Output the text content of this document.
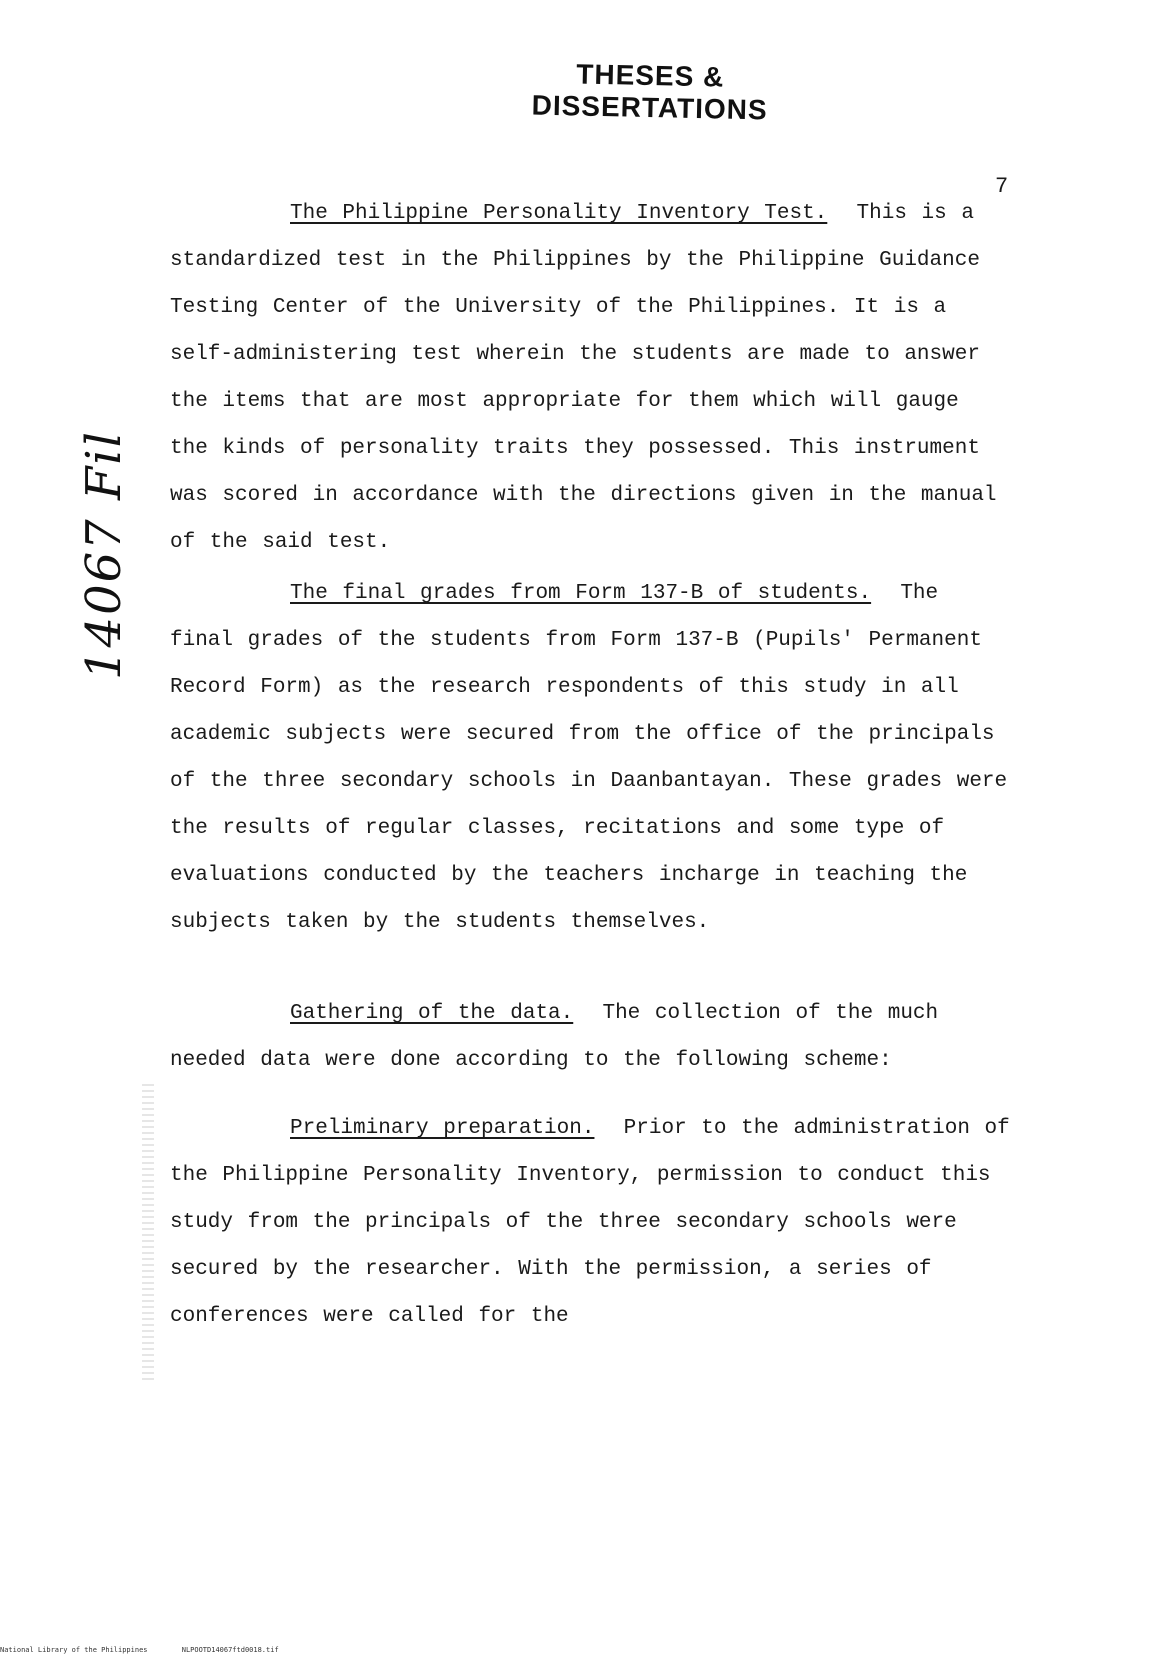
THESES & DISSERTATIONS
7
14067 Fil
The Philippine Personality Inventory Test. This is a standardized test in the Philippines by the Philippine Guidance Testing Center of the University of the Philippines. It is a self-administering test wherein the students are made to answer the items that are most appropriate for them which will gauge the kinds of personality traits they possessed. This instrument was scored in accordance with the directions given in the manual of the said test.
The final grades from Form 137-B of students. The final grades of the students from Form 137-B (Pupils' Permanent Record Form) as the research respondents of this study in all academic subjects were secured from the office of the principals of the three secondary schools in Daanbantayan. These grades were the results of regular classes, recitations and some type of evaluations conducted by the teachers incharge in teaching the subjects taken by the students themselves.
Gathering of the data. The collection of the much needed data were done according to the following scheme:
Preliminary preparation. Prior to the administration of the Philippine Personality Inventory, permission to conduct this study from the principals of the three secondary schools were secured by the researcher. With the permission, a series of conferences were called for the
National Library of the Philippines	NLPOOTD14067ftd0018.tif
